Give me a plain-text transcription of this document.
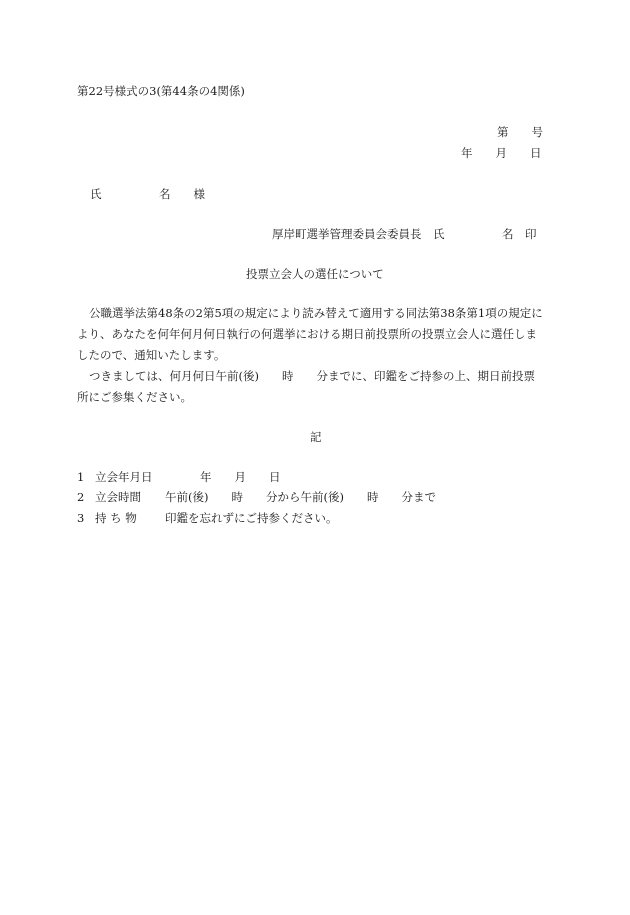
第22号様式の3(第44条の4関係)
第　　号
年　　月　　日
氏　　　　　名　　様
厚岸町選挙管理委員会委員長　氏　　　　　名　印
投票立会人の選任について
公職選挙法第48条の2第5項の規定により読み替えて適用する同法第38条第1項の規定に
より、あなたを何年何月何日執行の何選挙における期日前投票所の投票立会人に選任しま
したので、通知いたします。
つきましては、何月何日午前(後)　　時　　分までに、印鑑をご持参の上、期日前投票
所にご参集ください。
記
1 立会年月日	年　　月　　日
2 立会時間 午前(後)　　時　　分から午前(後)　　時　　分まで
3 持 ち 物 印鑑を忘れずにご持参ください。
